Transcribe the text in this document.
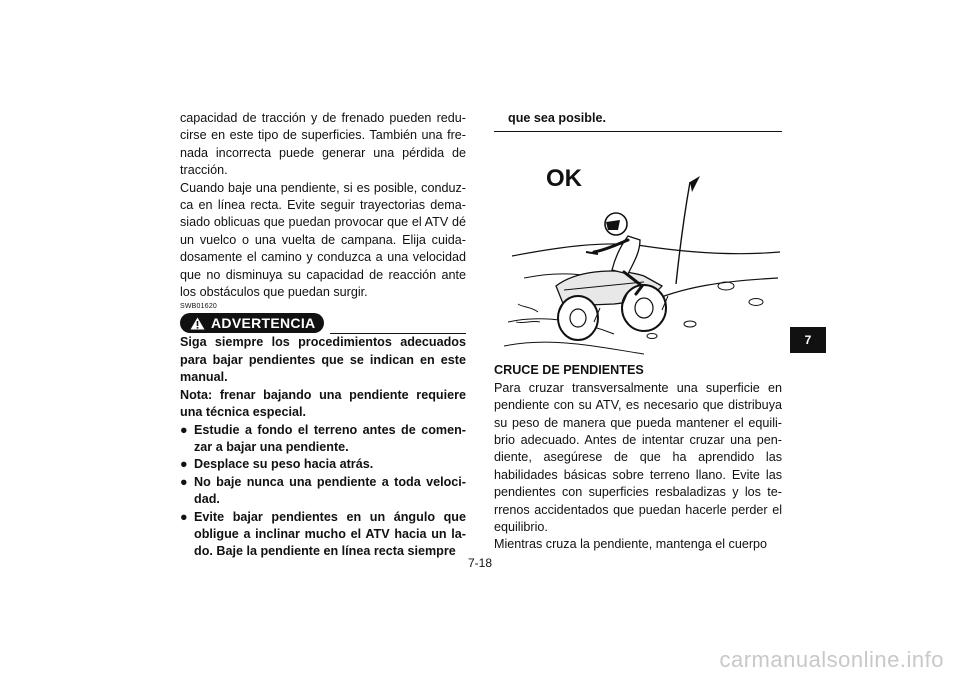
capacidad de tracción y de frenado pueden redu-cirse en este tipo de superficies. También una fre-nada incorrecta puede generar una pérdida de tracción.

Cuando baje una pendiente, si es posible, conduz-ca en línea recta. Evite seguir trayectorias dema-siado oblicuas que puedan provocar que el ATV dé un vuelco o una vuelta de campana. Elija cuida-dosamente el camino y conduzca a una velocidad que no disminuya su capacidad de reacción ante los obstáculos que puedan surgir.

SWB01620
ADVERTENCIA

Siga siempre los procedimientos adecuados para bajar pendientes que se indican en este manual.

Nota: frenar bajando una pendiente requiere una técnica especial.

● Estudie a fondo el terreno antes de comen-zar a bajar una pendiente.
● Desplace su peso hacia atrás.
● No baje nunca una pendiente a toda veloci-dad.
● Evite bajar pendientes en un ángulo que obligue a inclinar mucho el ATV hacia un la-do. Baje la pendiente en línea recta siempre
que sea posible.
OK
CRUCE DE PENDIENTES

Para cruzar transversalmente una superficie en pendiente con su ATV, es necesario que distribuya su peso de manera que pueda mantener el equili-brio adecuado. Antes de intentar cruzar una pen-diente, asegúrese de que ha aprendido las habilidades básicas sobre terreno llano. Evite las pendientes con superficies resbaladizas y los te-rrenos accidentados que puedan hacerle perder el equilibrio.

Mientras cruza la pendiente, mantenga el cuerpo

7
7-18
carmanualsonline.info
